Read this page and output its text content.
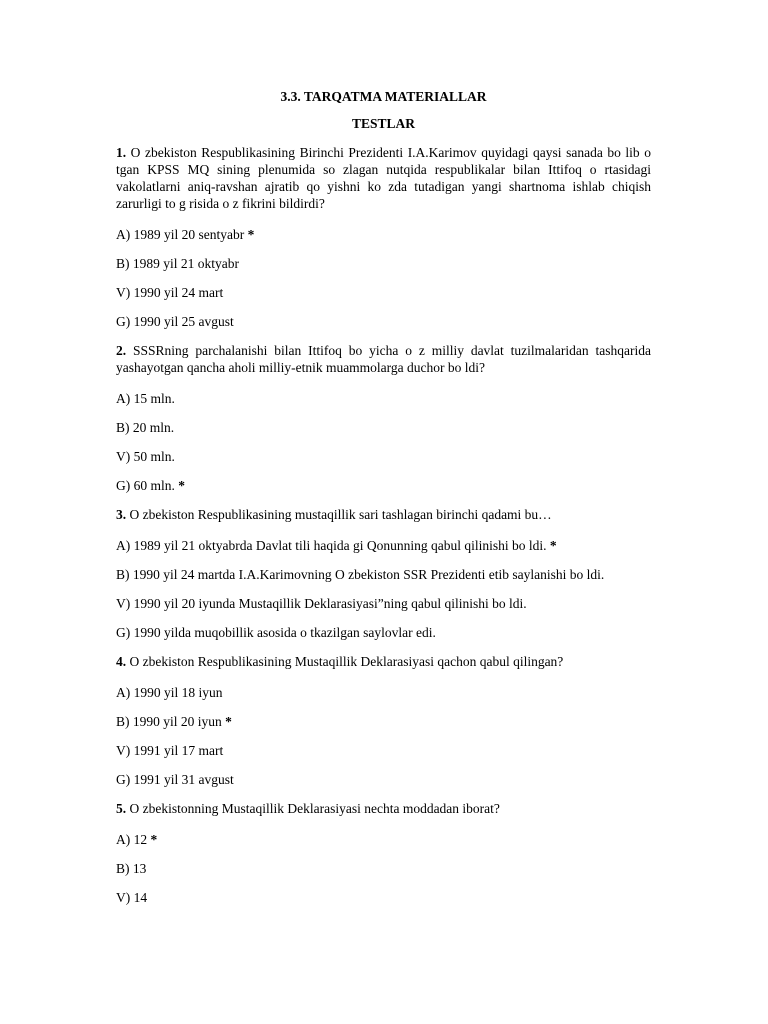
3.3. TARQATMA MATERIALLAR

TESTLAR

1. O zbekiston Respublikasining Birinchi Prezidenti I.A.Karimov quyidagi qaysi sanada bo lib o tgan KPSS MQ sining plenumida so zlagan nutqida respublikalar bilan Ittifoq o rtasidagi vakolatlarni aniq-ravshan ajratib qo yishni ko zda tutadigan yangi shartnoma ishlab chiqish zarurligi to g risida o z fikrini bildirdi?

A) 1989 yil 20 sentyabr *

B) 1989 yil 21 oktyabr

V) 1990 yil 24 mart

G) 1990 yil 25 avgust

2. SSSRning parchalanishi bilan Ittifoq bo yicha o z milliy davlat tuzilmalaridan tashqarida yashayotgan qancha aholi milliy-etnik muammolarga duchor bo ldi?

A) 15 mln.

B) 20 mln.

V) 50 mln.

G) 60 mln. *

3. O zbekiston Respublikasining mustaqillik sari tashlagan birinchi qadami bu…

A) 1989 yil 21 oktyabrda Davlat tili haqida gi Qonunning qabul qilinishi bo ldi. *

B) 1990 yil 24 martda I.A.Karimovning O zbekiston SSR Prezidenti etib saylanishi bo ldi.

V) 1990 yil 20 iyunda Mustaqillik Deklarasiyasi”ning qabul qilinishi bo ldi.

G) 1990 yilda muqobillik asosida o tkazilgan saylovlar edi.

4. O zbekiston Respublikasining Mustaqillik Deklarasiyasi qachon qabul qilingan?

A) 1990 yil 18 iyun

B) 1990 yil 20 iyun *

V) 1991 yil 17 mart

G) 1991 yil 31 avgust

5. O zbekistonning Mustaqillik Deklarasiyasi nechta moddadan iborat?

A) 12 *

B) 13

V) 14
